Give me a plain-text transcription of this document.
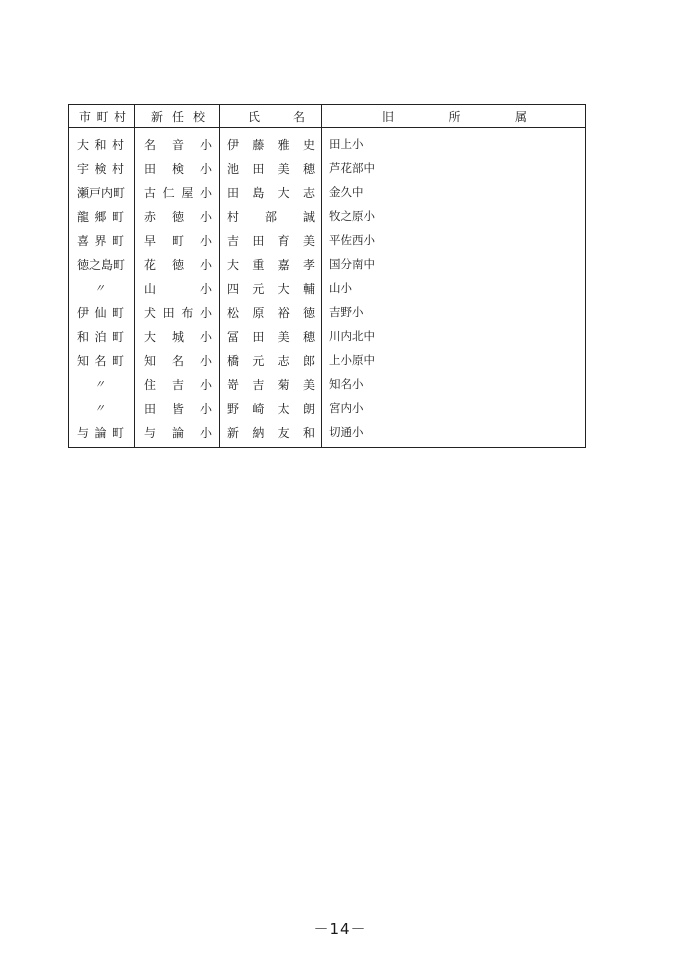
市 町 村	新 任 校	氏 名	旧 所 属

大 和 村	名 音 小	伊 藤 雅 史	田上小

宇 検 村	田 検 小	池 田 美 穂	芦花部中

瀬 戸 内 町	古 仁 屋 小	田 島 大 志	金久中

龍 郷 町	赤 徳 小	村 部 誠	牧之原小

喜 界 町	早 町 小	吉 田 育 美	平佐西小

徳 之 島 町	花 徳 小	大 重 嘉 孝	国分南中

〃	山 小	四 元 大 輔	山小

伊 仙 町	犬 田 布 小	松 原 裕 徳	吉野小

和 泊 町	大 城 小	冨 田 美 穂	川内北中

知 名 町	知 名 小	橋 元 志 郎	上小原中

〃	住 吉 小	嵜 吉 菊 美	知名小

〃	田 皆 小	野 崎 太 朗	宮内小

与 論 町	与 論 小	新 納 友 和	切通小
－14－
